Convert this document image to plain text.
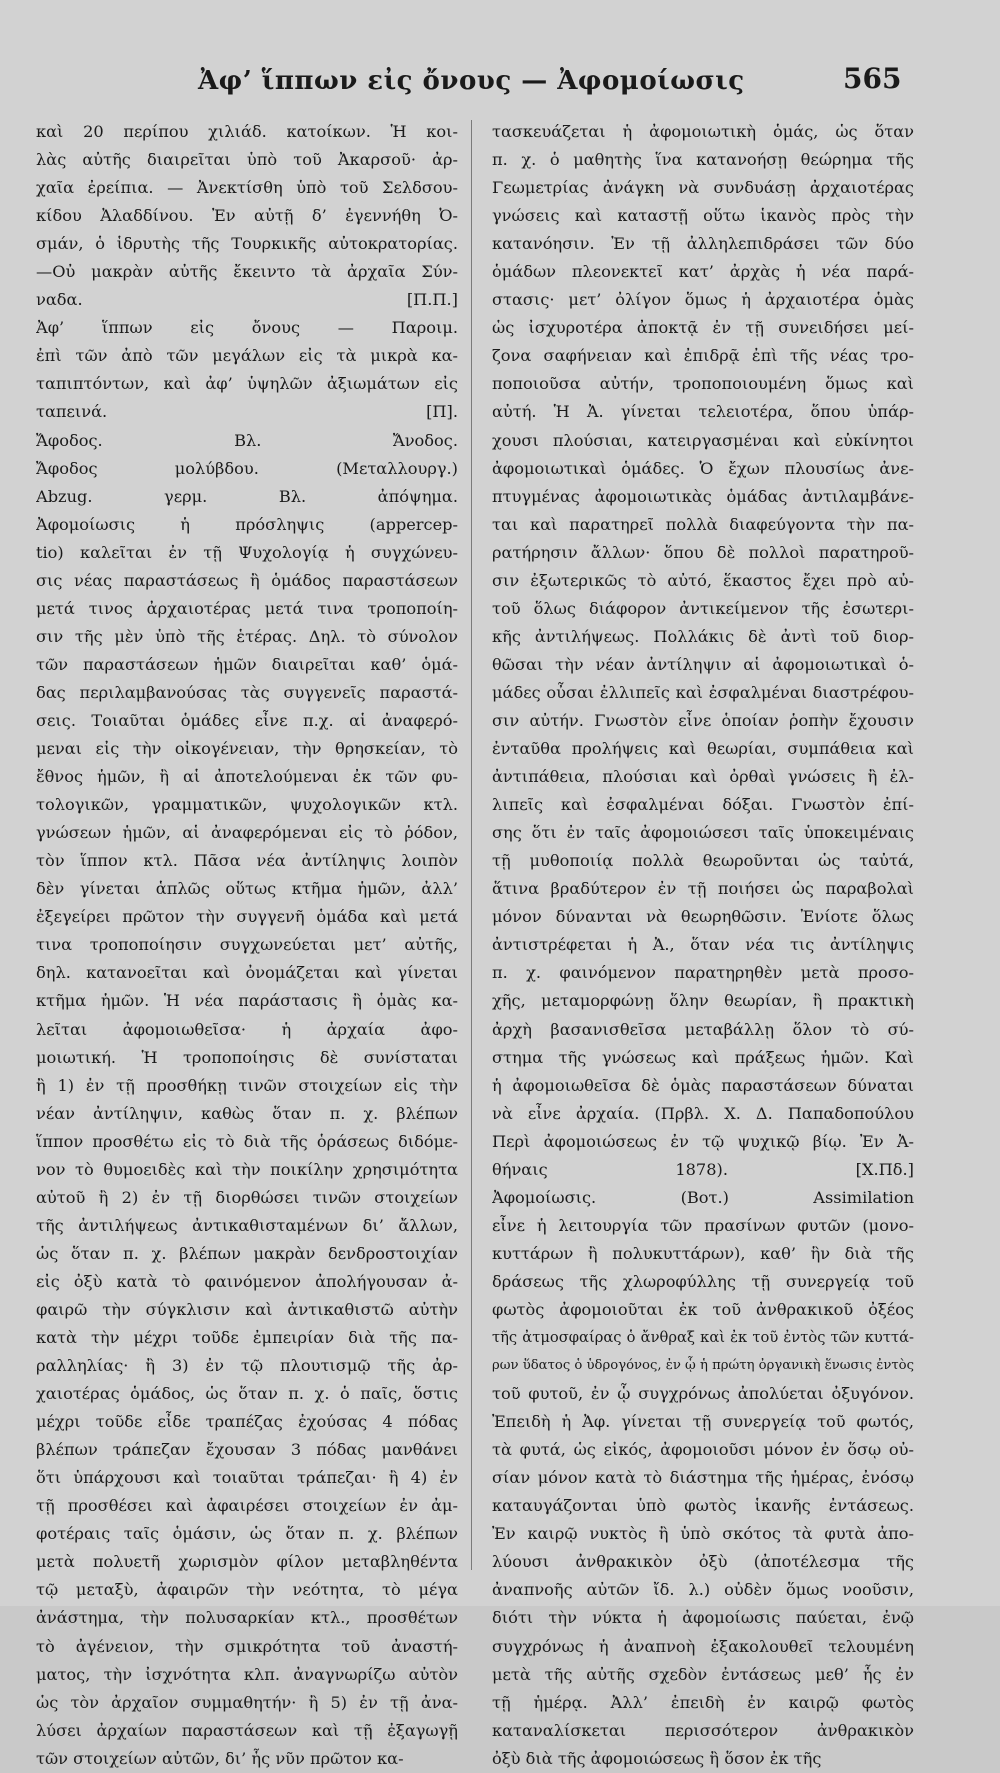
Ἀφ’ ἵππων εἰς ὄνους — Ἀφομοίωσις	565
καὶ 20 περίπου χιλιάδ. κατοίκων. Ἡ κοι-
λὰς αὐτῆς διαιρεῖται ὑπὸ τοῦ Ἀκαρσοῦ· ἀρ-
χαῖα ἐρείπια. — Ἀνεκτίσθη ὑπὸ τοῦ Σελδσου-
κίδου Ἀλαδδίνου. Ἐν αὐτῇ δ’ ἐγεννήθη Ὀ-
σμάν, ὁ ἱδρυτὴς τῆς Τουρκικῆς αὐτοκρατορίας.
—Οὐ μακρὰν αὐτῆς ἔκειντο τὰ ἀρχαῖα Σύν-
ναδα. [Π.Π.]
Ἀφ’ ἵππων εἰς ὄνους — Παροιμ.
ἐπὶ τῶν ἀπὸ τῶν μεγάλων εἰς τὰ μικρὰ κα-
ταπιπτόντων, καὶ ἀφ’ ὑψηλῶν ἀξιωμάτων εἰς
ταπεινά. [Π].
Ἄφοδος. Βλ. Ἄνοδος.
Ἄφοδος μολύβδου. (Μεταλλουργ.)
Abzug. γερμ. Βλ. ἀπόψημα.
Ἀφομοίωσις ἡ πρόσληψις (appercep-
tio) καλεῖται ἐν τῇ Ψυχολογίᾳ ἡ συγχώνευ-
σις νέας παραστάσεως ἢ ὁμάδος παραστάσεων
μετά τινος ἀρχαιοτέρας μετά τινα τροποποίη-
σιν τῆς μὲν ὑπὸ τῆς ἑτέρας. Δηλ. τὸ σύνολον
τῶν παραστάσεων ἡμῶν διαιρεῖται καθ’ ὁμά-
δας περιλαμβανούσας τὰς συγγενεῖς παραστά-
σεις. Τοιαῦται ὁμάδες εἶνε π.χ. αἱ ἀναφερό-
μεναι εἰς τὴν οἰκογένειαν, τὴν θρησκείαν, τὸ
ἔθνος ἡμῶν, ἢ αἱ ἀποτελούμεναι ἐκ τῶν φυ-
τολογικῶν, γραμματικῶν, ψυχολογικῶν κτλ.
γνώσεων ἡμῶν, αἱ ἀναφερόμεναι εἰς τὸ ῥόδον,
τὸν ἵππον κτλ. Πᾶσα νέα ἀντίληψις λοιπὸν
δὲν γίνεται ἁπλῶς οὕτως κτῆμα ἡμῶν, ἀλλ’
ἐξεγείρει πρῶτον τὴν συγγενῆ ὁμάδα καὶ μετά
τινα τροποποίησιν συγχωνεύεται μετ’ αὐτῆς,
δηλ. κατανοεῖται καὶ ὀνομάζεται καὶ γίνεται
κτῆμα ἡμῶν. Ἡ νέα παράστασις ἢ ὁμὰς κα-
λεῖται ἀφομοιωθεῖσα· ἡ ἀρχαία ἀφο-
μοιωτική. Ἡ τροποποίησις δὲ συνίσταται
ἢ 1) ἐν τῇ προσθήκῃ τινῶν στοιχείων εἰς τὴν
νέαν ἀντίληψιν, καθὼς ὅταν π. χ. βλέπων
ἵππον προσθέτω εἰς τὸ διὰ τῆς ὁράσεως διδόμε-
νον τὸ θυμοειδὲς καὶ τὴν ποικίλην χρησιμότητα
αὐτοῦ ἢ 2) ἐν τῇ διορθώσει τινῶν στοιχείων
τῆς ἀντιλήψεως ἀντικαθισταμένων δι’ ἄλλων,
ὡς ὅταν π. χ. βλέπων μακρὰν δενδροστοιχίαν
εἰς ὀξὺ κατὰ τὸ φαινόμενον ἀπολήγουσαν ἀ-
φαιρῶ τὴν σύγκλισιν καὶ ἀντικαθιστῶ αὐτὴν
κατὰ τὴν μέχρι τοῦδε ἐμπειρίαν διὰ τῆς πα-
ραλληλίας· ἢ 3) ἐν τῷ πλουτισμῷ τῆς ἀρ-
χαιοτέρας ὁμάδος, ὡς ὅταν π. χ. ὁ παῖς, ὅστις
μέχρι τοῦδε εἶδε τραπέζας ἐχούσας 4 πόδας
βλέπων τράπεζαν ἔχουσαν 3 πόδας μανθάνει
ὅτι ὑπάρχουσι καὶ τοιαῦται τράπεζαι· ἢ 4) ἐν
τῇ προσθέσει καὶ ἀφαιρέσει στοιχείων ἐν ἀμ-
φοτέραις ταῖς ὁμάσιν, ὡς ὅταν π. χ. βλέπων
μετὰ πολυετῆ χωρισμὸν φίλον μεταβληθέντα
τῷ μεταξὺ, ἀφαιρῶν τὴν νεότητα, τὸ μέγα
ἀνάστημα, τὴν πολυσαρκίαν κτλ., προσθέτων
τὸ ἀγένειον, τὴν σμικρότητα τοῦ ἀναστή-
ματος, τὴν ἰσχνότητα κλπ. ἀναγνωρίζω αὐτὸν
ὡς τὸν ἀρχαῖον συμμαθητήν· ἢ 5) ἐν τῇ ἀνα-
λύσει ἀρχαίων παραστάσεων καὶ τῇ ἐξαγωγῇ
τῶν στοιχείων αὐτῶν, δι’ ἧς νῦν πρῶτον κα-
τασκευάζεται ἡ ἀφομοιωτικὴ ὁμάς, ὡς ὅταν
π. χ. ὁ μαθητὴς ἵνα κατανοήσῃ θεώρημα τῆς
Γεωμετρίας ἀνάγκη νὰ συνδυάσῃ ἀρχαιοτέρας
γνώσεις καὶ καταστῇ οὕτω ἱκανὸς πρὸς τὴν
κατανόησιν. Ἐν τῇ ἀλληλεπιδράσει τῶν δύο
ὁμάδων πλεονεκτεῖ κατ’ ἀρχὰς ἡ νέα παρά-
στασις· μετ’ ὀλίγον ὅμως ἡ ἀρχαιοτέρα ὁμὰς
ὡς ἰσχυροτέρα ἀποκτᾷ ἐν τῇ συνειδήσει μεί-
ζονα σαφήνειαν καὶ ἐπιδρᾷ ἐπὶ τῆς νέας τρο-
ποποιοῦσα αὐτήν, τροποποιουμένη ὅμως καὶ
αὐτή. Ἡ Ἀ. γίνεται τελειοτέρα, ὅπου ὑπάρ-
χουσι πλούσιαι, κατειργασμέναι καὶ εὐκίνητοι
ἀφομοιωτικαὶ ὁμάδες. Ὁ ἔχων πλουσίως ἀνε-
πτυγμένας ἀφομοιωτικὰς ὁμάδας ἀντιλαμβάνε-
ται καὶ παρατηρεῖ πολλὰ διαφεύγοντα τὴν πα-
ρατήρησιν ἄλλων· ὅπου δὲ πολλοὶ παρατηροῦ-
σιν ἐξωτερικῶς τὸ αὐτό, ἕκαστος ἔχει πρὸ αὐ-
τοῦ ὅλως διάφορον ἀντικείμενον τῆς ἐσωτερι-
κῆς ἀντιλήψεως. Πολλάκις δὲ ἀντὶ τοῦ διορ-
θῶσαι τὴν νέαν ἀντίληψιν αἱ ἀφομοιωτικαὶ ὁ-
μάδες οὖσαι ἐλλιπεῖς καὶ ἐσφαλμέναι διαστρέφου-
σιν αὐτήν. Γνωστὸν εἶνε ὁποίαν ῥοπὴν ἔχουσιν
ἐνταῦθα προλήψεις καὶ θεωρίαι, συμπάθεια καὶ
ἀντιπάθεια, πλούσιαι καὶ ὀρθαὶ γνώσεις ἢ ἐλ-
λιπεῖς καὶ ἐσφαλμέναι δόξαι. Γνωστὸν ἐπί-
σης ὅτι ἐν ταῖς ἀφομοιώσεσι ταῖς ὑποκειμέναις
τῇ μυθοποιίᾳ πολλὰ θεωροῦνται ὡς ταὐτά,
ἅτινα βραδύτερον ἐν τῇ ποιήσει ὡς παραβολαὶ
μόνον δύνανται νὰ θεωρηθῶσιν. Ἐνίοτε ὅλως
ἀντιστρέφεται ἡ Ἀ., ὅταν νέα τις ἀντίληψις
π. χ. φαινόμενον παρατηρηθὲν μετὰ προσο-
χῆς, μεταμορφώνῃ ὅλην θεωρίαν, ἢ πρακτικὴ
ἀρχὴ βασανισθεῖσα μεταβάλλῃ ὅλον τὸ σύ-
στημα τῆς γνώσεως καὶ πράξεως ἡμῶν. Καὶ
ἡ ἀφομοιωθεῖσα δὲ ὁμὰς παραστάσεων δύναται
νὰ εἶνε ἀρχαία. (Πρβλ. Χ. Δ. Παπαδοπούλου
Περὶ ἀφομοιώσεως ἐν τῷ ψυχικῷ βίῳ. Ἐν Ἀ-
θήναις 1878). [Χ.Πδ.]
Ἀφομοίωσις. (Βοτ.) Assimilation
εἶνε ἡ λειτουργία τῶν πρασίνων φυτῶν (μονο-
κυττάρων ἢ πολυκυττάρων), καθ’ ἣν διὰ τῆς
δράσεως τῆς χλωροφύλλης τῇ συνεργείᾳ τοῦ
φωτὸς ἀφομοιοῦται ἐκ τοῦ ἀνθρακικοῦ ὀξέος
τῆς ἀτμοσφαίρας ὁ ἄνθραξ καὶ ἐκ τοῦ ἐντὸς τῶν κυττά-
ρων ὕδατος ὁ ὑδρογόνος, ἐν ᾧ ἡ πρώτη ὀργανικὴ ἕνωσις ἐντὸς
τοῦ φυτοῦ, ἐν ᾧ συγχρόνως ἀπολύεται ὀξυγόνον.
Ἐπειδὴ ἡ Ἀφ. γίνεται τῇ συνεργείᾳ τοῦ φωτός,
τὰ φυτά, ὡς εἰκός, ἀφομοιοῦσι μόνον ἐν ὅσῳ οὐ-
σίαν μόνον κατὰ τὸ διάστημα τῆς ἡμέρας, ἐνόσῳ
καταυγάζονται ὑπὸ φωτὸς ἱκανῆς ἐντάσεως.
Ἐν καιρῷ νυκτὸς ἢ ὑπὸ σκότος τὰ φυτὰ ἀπο-
λύουσι ἀνθρακικὸν ὀξὺ (ἀποτέλεσμα τῆς
ἀναπνοῆς αὐτῶν ἴδ. λ.) οὐδὲν ὅμως νοοῦσιν,
διότι τὴν νύκτα ἡ ἀφομοίωσις παύεται, ἐνῷ
συγχρόνως ἡ ἀναπνοὴ ἐξακολουθεῖ τελουμένη
μετὰ τῆς αὐτῆς σχεδὸν ἐντάσεως μεθ’ ἧς ἐν
τῇ ἡμέρᾳ. Ἀλλ’ ἐπειδὴ ἐν καιρῷ φωτὸς
καταναλίσκεται περισσότερον ἀνθρακικὸν
ὀξὺ διὰ τῆς ἀφομοιώσεως ἢ ὅσον ἐκ τῆς
